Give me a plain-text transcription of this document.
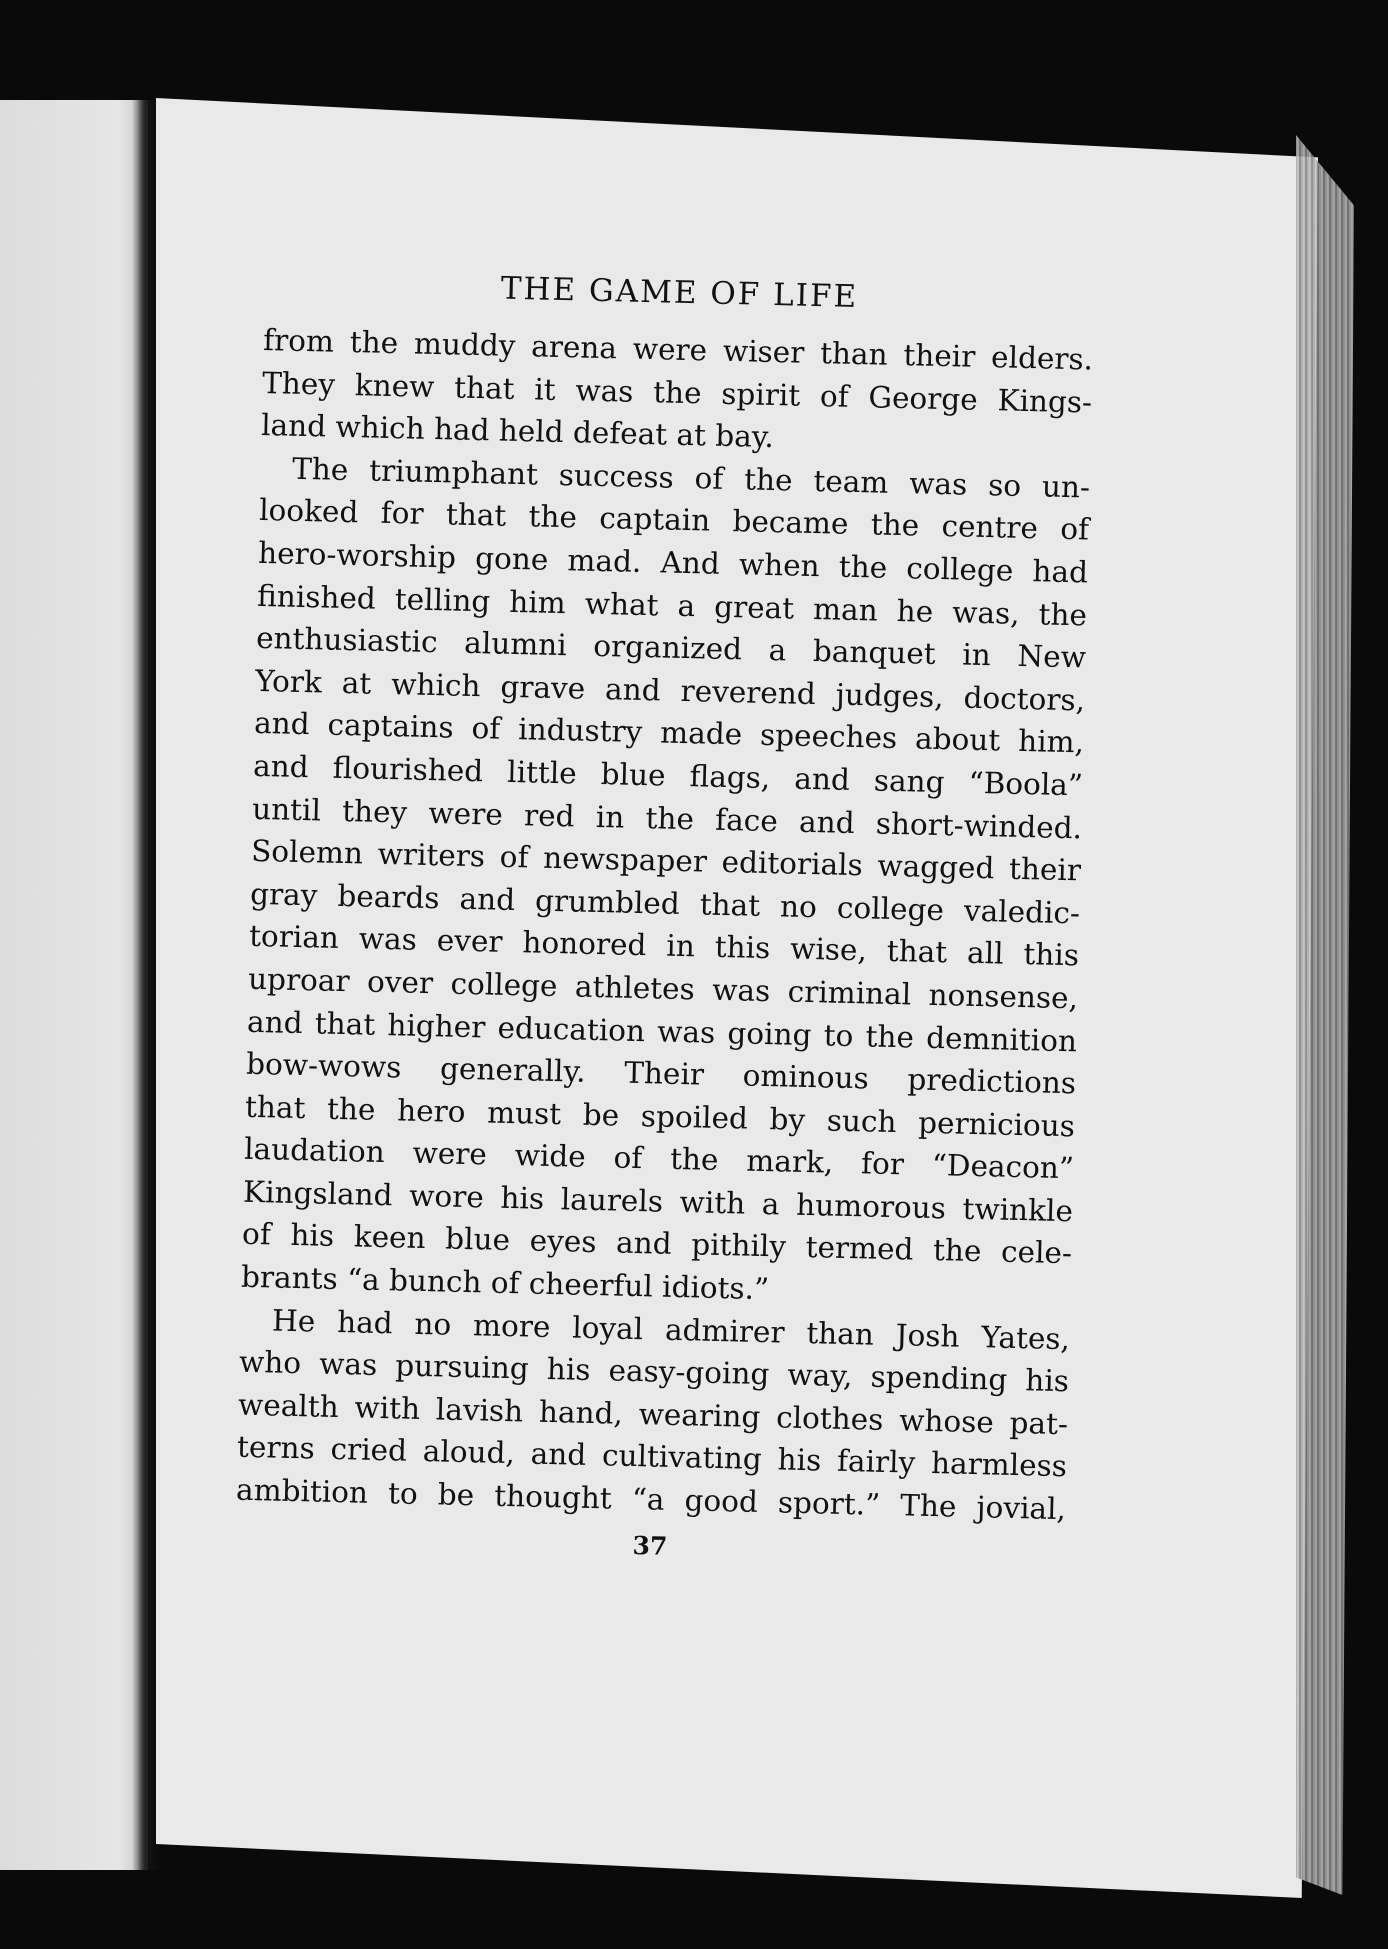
THE GAME OF LIFE

from the muddy arena were wiser than their elders.

They knew that it was the spirit of George Kings-

land which had held defeat at bay.

The triumphant success of the team was so un-

looked for that the captain became the centre of

hero-worship gone mad. And when the college had

finished telling him what a great man he was, the

enthusiastic alumni organized a banquet in New

York at which grave and reverend judges, doctors,

and captains of industry made speeches about him,

and flourished little blue flags, and sang “Boola”

until they were red in the face and short-winded.

Solemn writers of newspaper editorials wagged their

gray beards and grumbled that no college valedic-

torian was ever honored in this wise, that all this

uproar over college athletes was criminal nonsense,

and that higher education was going to the demnition

bow-wows generally. Their ominous predictions

that the hero must be spoiled by such pernicious

laudation were wide of the mark, for “Deacon”

Kingsland wore his laurels with a humorous twinkle

of his keen blue eyes and pithily termed the cele-

brants “a bunch of cheerful idiots.”

He had no more loyal admirer than Josh Yates,

who was pursuing his easy-going way, spending his

wealth with lavish hand, wearing clothes whose pat-

terns cried aloud, and cultivating his fairly harmless

ambition to be thought “a good sport.” The jovial,

37
